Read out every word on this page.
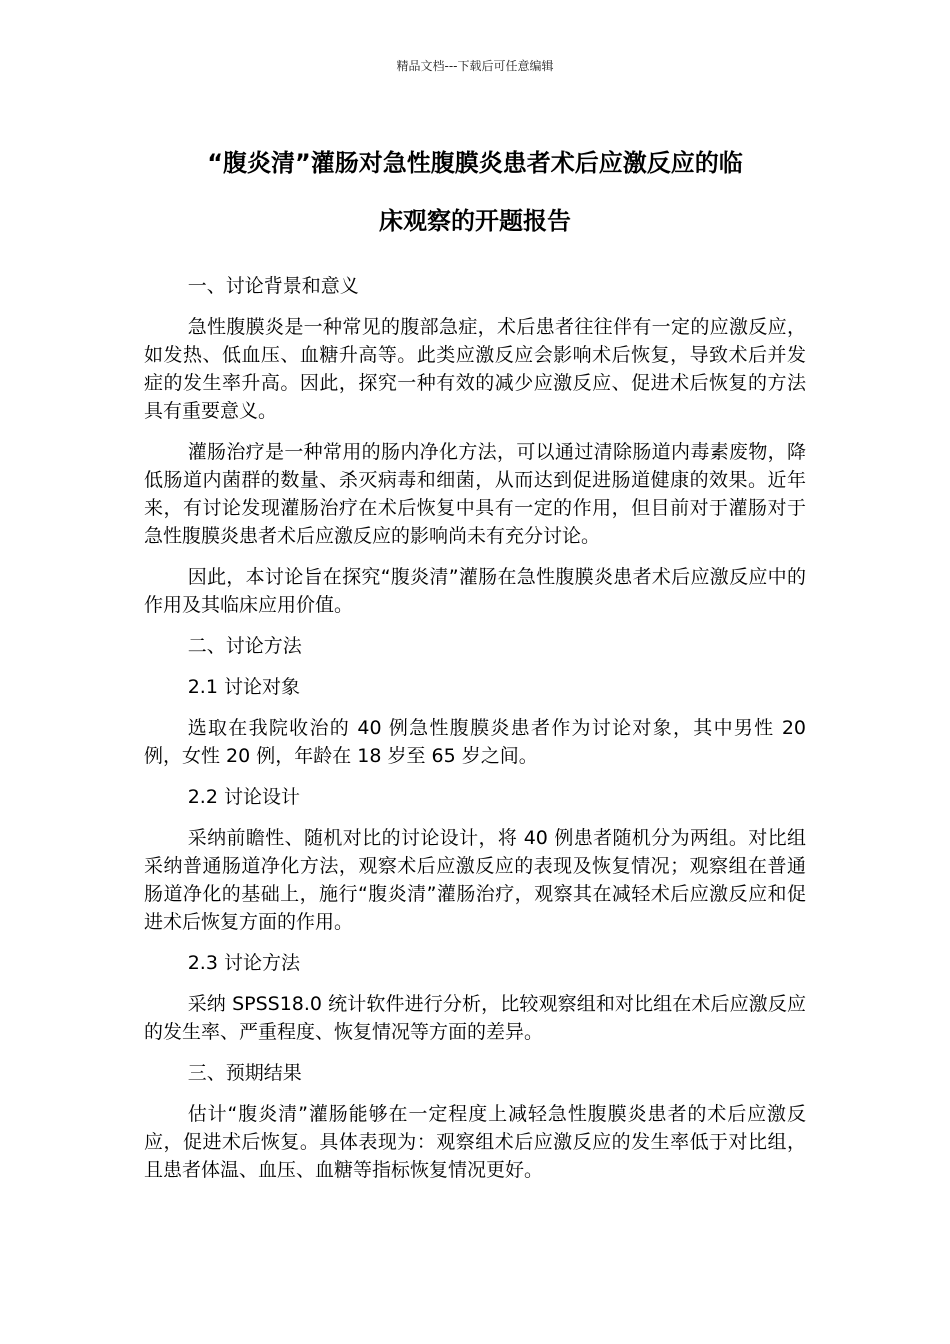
精品文档---下载后可任意编辑
“腹炎清”灌肠对急性腹膜炎患者术后应激反应的临
床观察的开题报告

一、讨论背景和意义

急性腹膜炎是一种常见的腹部急症，术后患者往往伴有一定的应激反应，如发热、低血压、血糖升高等。此类应激反应会影响术后恢复，导致术后并发症的发生率升高。因此，探究一种有效的减少应激反应、促进术后恢复的方法具有重要意义。

灌肠治疗是一种常用的肠内净化方法，可以通过清除肠道内毒素废物，降低肠道内菌群的数量、杀灭病毒和细菌，从而达到促进肠道健康的效果。近年来，有讨论发现灌肠治疗在术后恢复中具有一定的作用，但目前对于灌肠对于急性腹膜炎患者术后应激反应的影响尚未有充分讨论。

因此，本讨论旨在探究“腹炎清”灌肠在急性腹膜炎患者术后应激反应中的作用及其临床应用价值。

二、讨论方法

2.1 讨论对象

选取在我院收治的 40 例急性腹膜炎患者作为讨论对象，其中男性 20 例，女性 20 例，年龄在 18 岁至 65 岁之间。

2.2 讨论设计

采纳前瞻性、随机对比的讨论设计，将 40 例患者随机分为两组。对比组采纳普通肠道净化方法，观察术后应激反应的表现及恢复情况；观察组在普通肠道净化的基础上，施行“腹炎清”灌肠治疗，观察其在减轻术后应激反应和促进术后恢复方面的作用。

2.3 讨论方法

采纳 SPSS18.0 统计软件进行分析，比较观察组和对比组在术后应激反应的发生率、严重程度、恢复情况等方面的差异。

三、预期结果

估计“腹炎清”灌肠能够在一定程度上减轻急性腹膜炎患者的术后应激反应，促进术后恢复。具体表现为：观察组术后应激反应的发生率低于对比组，且患者体温、血压、血糖等指标恢复情况更好。
